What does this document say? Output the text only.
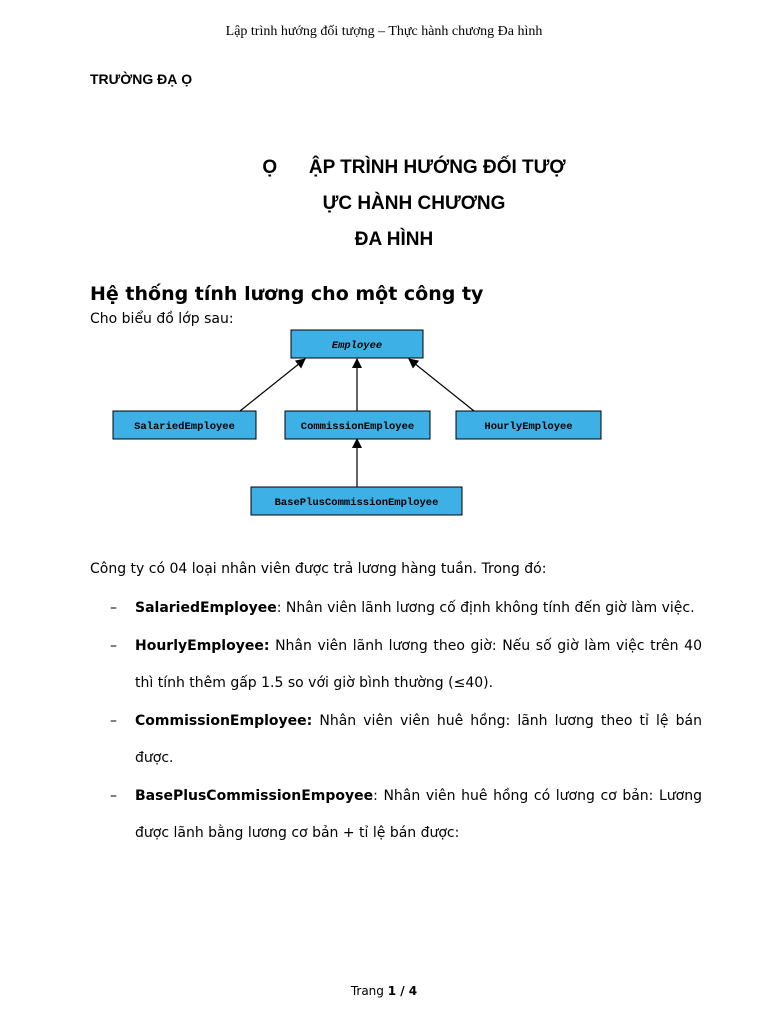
Lập trình hướng đối tượng – Thực hành chương Đa hình
TRƯỜNG ĐẠ Ọ
Ọ      ẬP TRÌNH HƯỚNG ĐỐI TƯỢ
ỰC HÀNH CHƯƠNG
ĐA HÌNH
Hệ thống tính lương cho một công ty
Cho biểu đồ lớp sau:
Employee
SalariedEmployee	CommissionEmployee	HourlyEmployee
BasePlusCommissionEmployee
Công ty có 04 loại nhân viên được trả lương hàng tuần. Trong đó:
– SalariedEmployee: Nhân viên lãnh lương cố định không tính đến giờ làm việc.
– HourlyEmployee: Nhân viên lãnh lương theo giờ: Nếu số giờ làm việc trên 40 thì tính thêm gấp 1.5 so với giờ bình thường (≤40).
– CommissionEmployee: Nhân viên viên huê hồng: lãnh lương theo tỉ lệ bán được.
– BasePlusCommissionEmpoyee: Nhân viên huê hồng có lương cơ bản: Lương được lãnh bằng lương cơ bản + tỉ lệ bán được:
Trang 1 / 4
